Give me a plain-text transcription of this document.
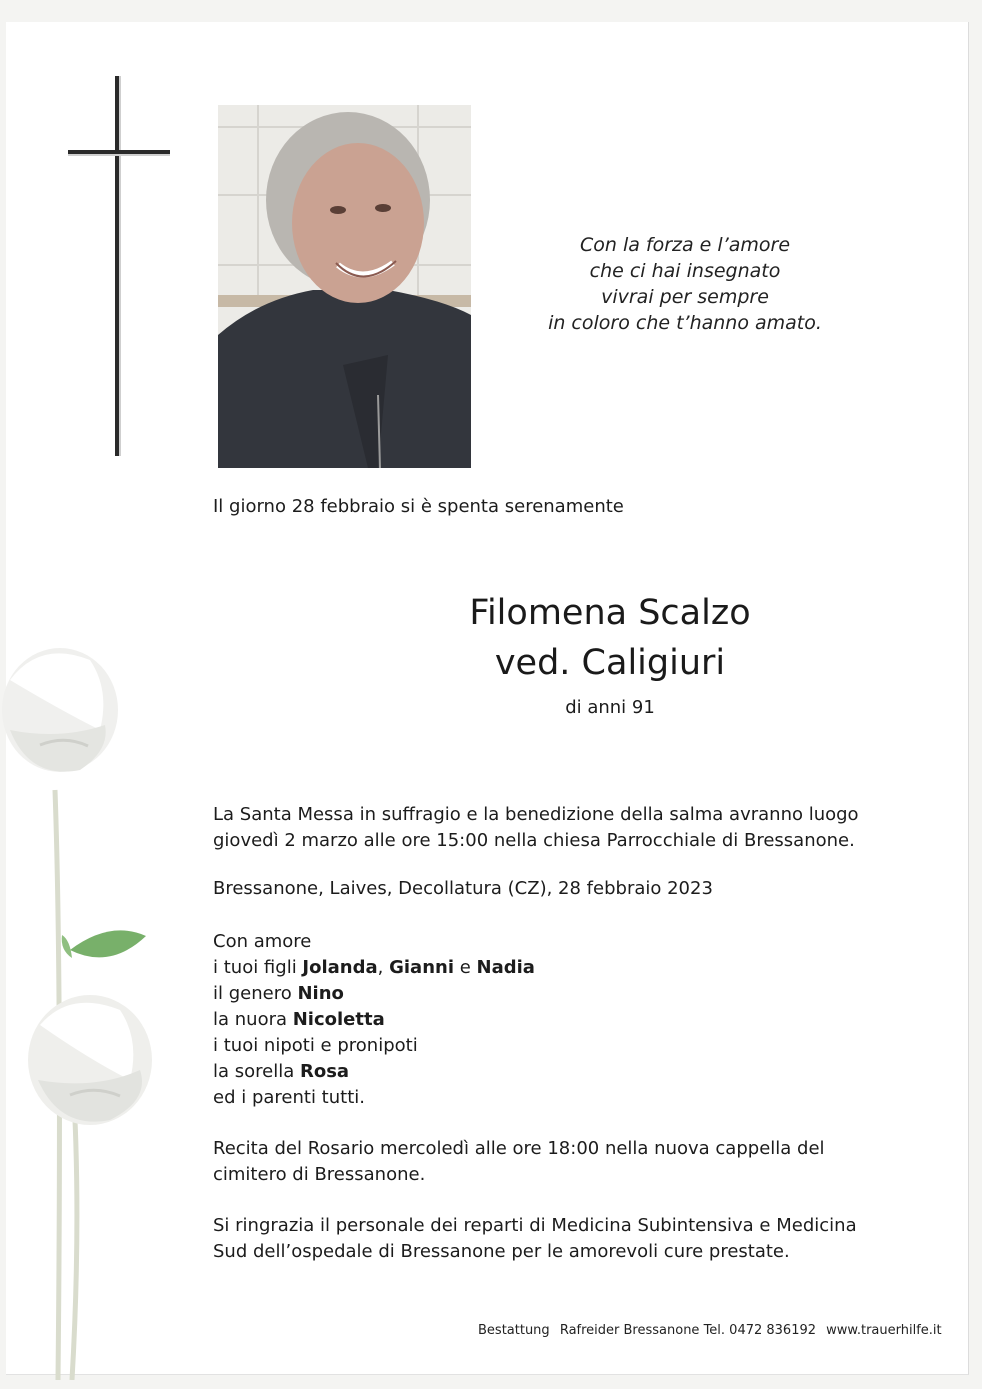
Con la forza e l’amore
che ci hai insegnato
vivrai per sempre
in coloro che t’hanno amato.
Il giorno 28 febbraio si è spenta serenamente
Filomena Scalzo
ved. Caligiuri
di anni 91
La Santa Messa in suffragio e la benedizione della salma avranno luogo
giovedì 2 marzo alle ore 15:00 nella chiesa Parrocchiale di Bressanone.
Bressanone, Laives, Decollatura (CZ), 28 febbraio 2023
Con amore
i tuoi figli Jolanda, Gianni e Nadia
il genero Nino
la nuora Nicoletta
i tuoi nipoti e pronipoti
la sorella Rosa
ed i parenti tutti.
Recita del Rosario mercoledì alle ore 18:00 nella nuova cappella del
cimitero di Bressanone.
Si ringrazia il personale dei reparti di Medicina Subintensiva e Medicina
Sud dell’ospedale di Bressanone per le amorevoli cure prestate.
Bestattung Rafreider Bressanone Tel. 0472 836192 www.trauerhilfe.it
